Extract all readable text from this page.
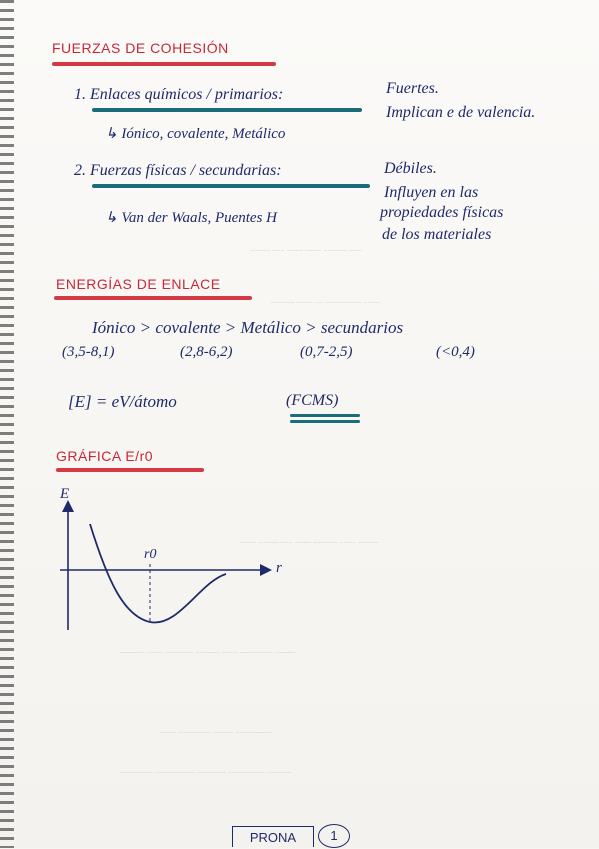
FUERZAS DE COHESIÓN
1. Enlaces químicos / primarios:	Fuertes.
Implican e de valencia.
↳ Iónico, covalente, Metálico
2. Fuerzas físicas / secundarias:	Débiles.
Influyen en las
propiedades físicas
de los materiales
↳ Van der Waals, Puentes H
~~~~~ ~~~ ~~~~ ~~~~ ~~~~~~ ~~~
~~~~~~ ~~~~ ~~ ~~~~~~~~~ ~~~~
~~~~ ~~~~~ ~~~ ~~~~ ~~~~~~ ~~~~ ~~~~~
~~~~~~ ~~~~ ~~~~~~~ ~~~~~~ ~~~~ ~~~~~~~~ ~~~~~
~~~~ ~~~~~~~~ ~~~~~ ~~~~~~~~~
~~~~~~~~ ~~~~~~~~~~ ~~~~~~~ ~~~~~~~~~ ~~~~~~
ENERGÍAS DE ENLACE
Iónico > covalente > Metálico > secundarios
(3,5-8,1)	(2,8-6,2)	(0,7-2,5)	(<0,4)
[E] = eV/átomo	(FCMS)
GRÁFICA E/r0
E
r
r0
PRONA	1
